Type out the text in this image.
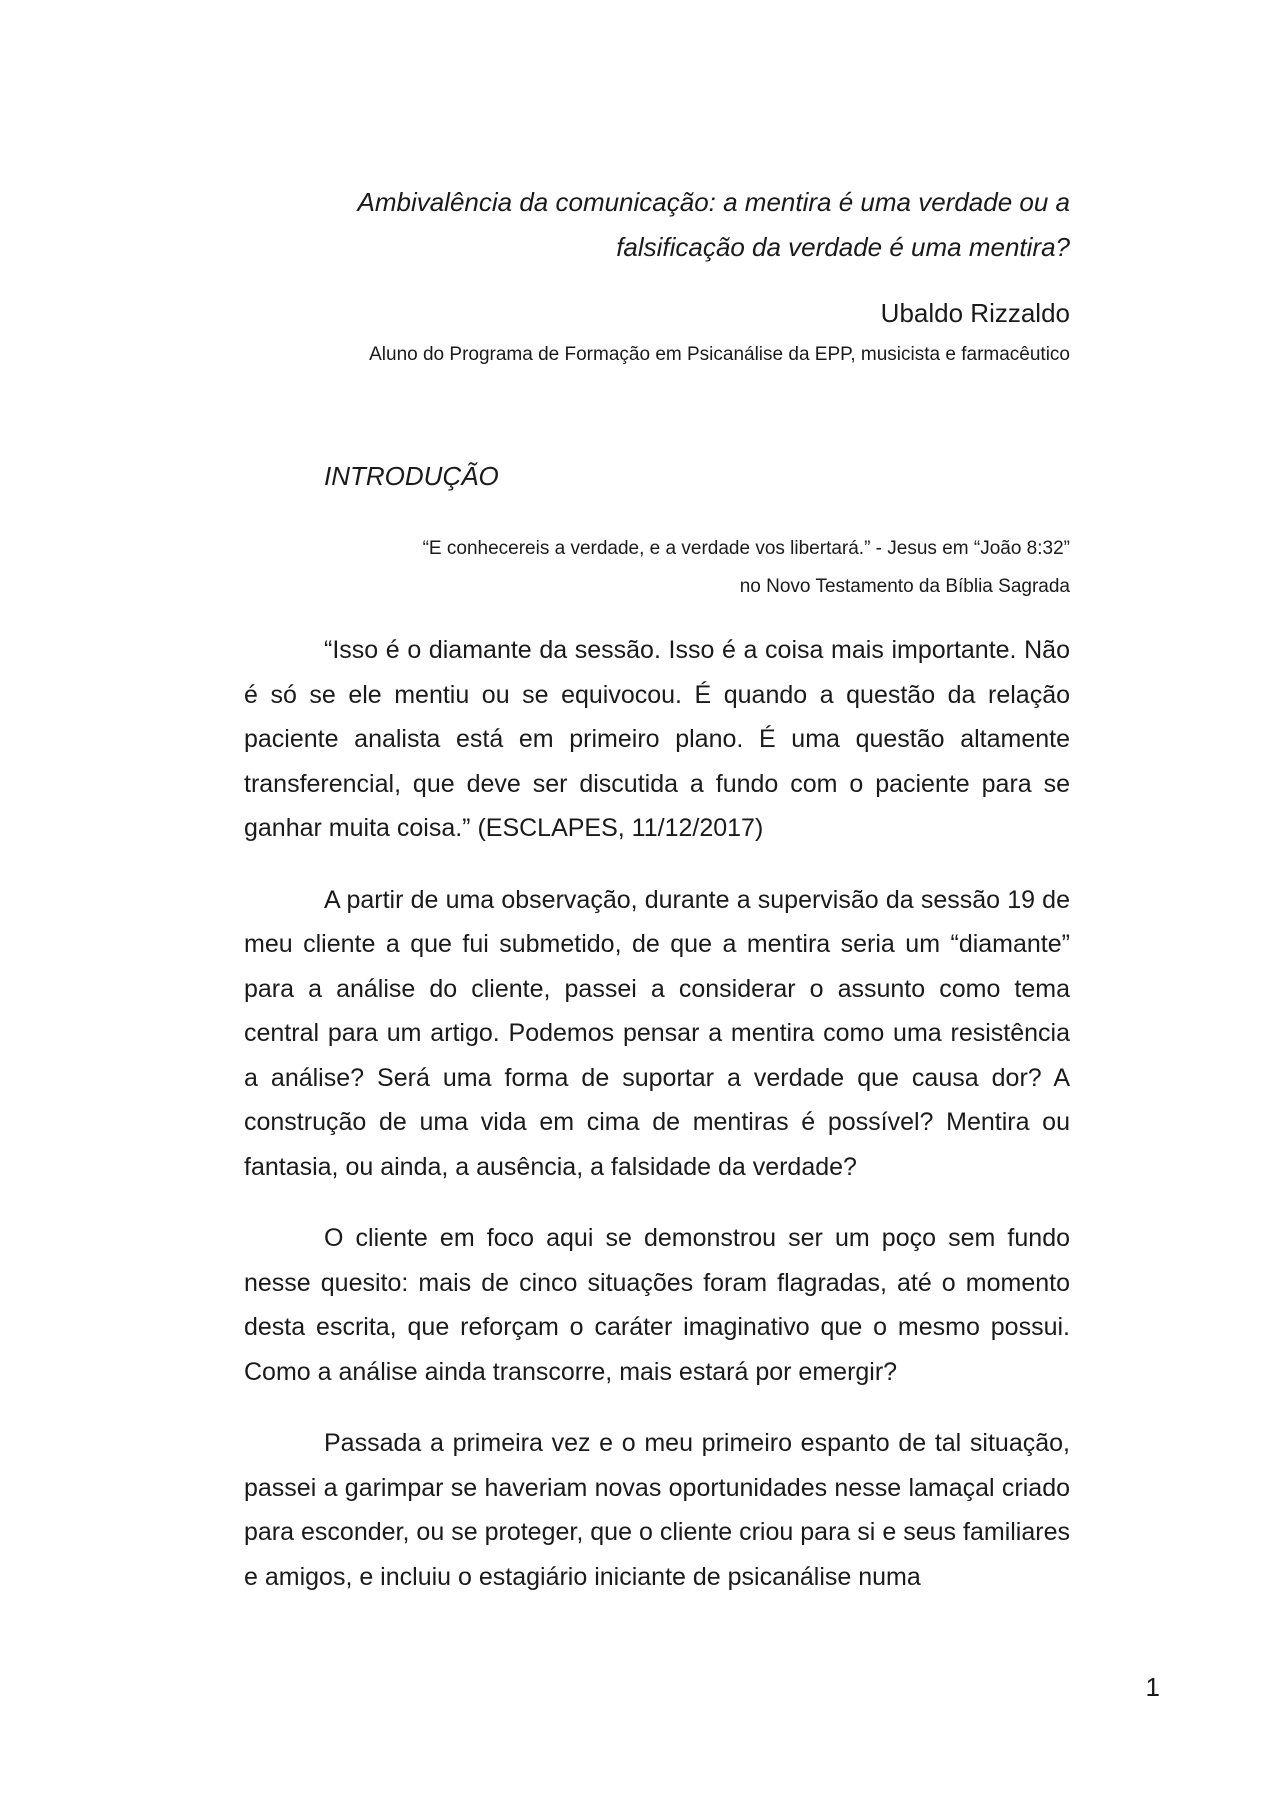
Ambivalência da comunicação: a mentira é uma verdade ou a
falsificação da verdade é uma mentira?
Ubaldo Rizzaldo
Aluno do Programa de Formação em Psicanálise da EPP, musicista e farmacêutico
INTRODUÇÃO
“E conhecereis a verdade, e a verdade vos libertará.” - Jesus em “João 8:32”
no Novo Testamento da Bíblia Sagrada

“Isso é o diamante da sessão. Isso é a coisa mais importante. Não é só se ele mentiu ou se equivocou. É quando a questão da relação paciente analista está em primeiro plano. É uma questão altamente transferencial, que deve ser discutida a fundo com o paciente para se ganhar muita coisa.” (ESCLAPES, 11/12/2017)

A partir de uma observação, durante a supervisão da sessão 19 de meu cliente a que fui submetido, de que a mentira seria um “diamante” para a análise do cliente, passei a considerar o assunto como tema central para um artigo. Podemos pensar a mentira como uma resistência a análise? Será uma forma de suportar a verdade que causa dor? A construção de uma vida em cima de mentiras é possível? Mentira ou fantasia, ou ainda, a ausência, a falsidade da verdade?

O cliente em foco aqui se demonstrou ser um poço sem fundo nesse quesito: mais de cinco situações foram flagradas, até o momento desta escrita, que reforçam o caráter imaginativo que o mesmo possui. Como a análise ainda transcorre, mais estará por emergir?

Passada a primeira vez e o meu primeiro espanto de tal situação, passei a garimpar se haveriam novas oportunidades nesse lamaçal criado para esconder, ou se proteger, que o cliente criou para si e seus familiares e amigos, e incluiu o estagiário iniciante de psicanálise numa

1
